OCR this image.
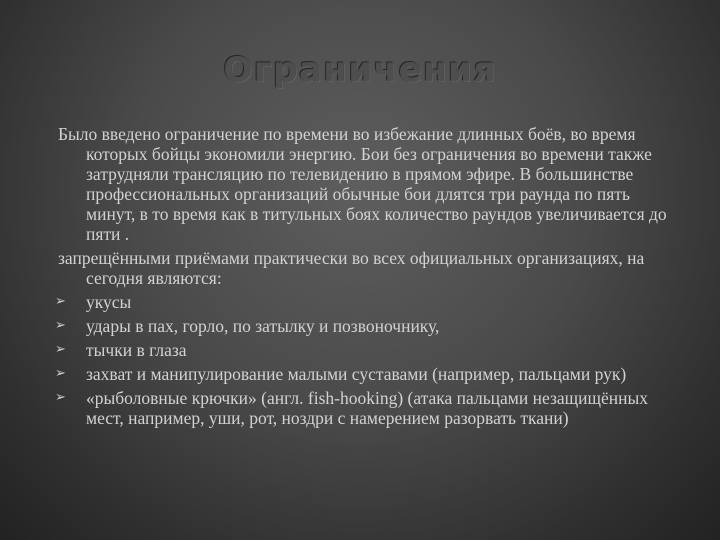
Ограничения

Было введено ограничение по времени во избежание длинных боёв, во время которых бойцы экономили энергию. Бои без ограничения во времени также затрудняли трансляцию по телевидению в прямом эфире. В большинстве профессиональных организаций обычные бои длятся три раунда по пять минут, в то время как в титульных боях количество раундов увеличивается до пяти .

запрещёнными приёмами практически во всех официальных организациях, на сегодня являются:

➢ укусы
➢ удары в пах, горло, по затылку и позвоночнику,
➢ тычки в глаза
➢ захват и манипулирование малыми суставами (например, пальцами рук)
➢ «рыболовные крючки» (англ. fish-hooking) (атака пальцами незащищённых мест, например, уши, рот, ноздри с намерением разорвать ткани)
